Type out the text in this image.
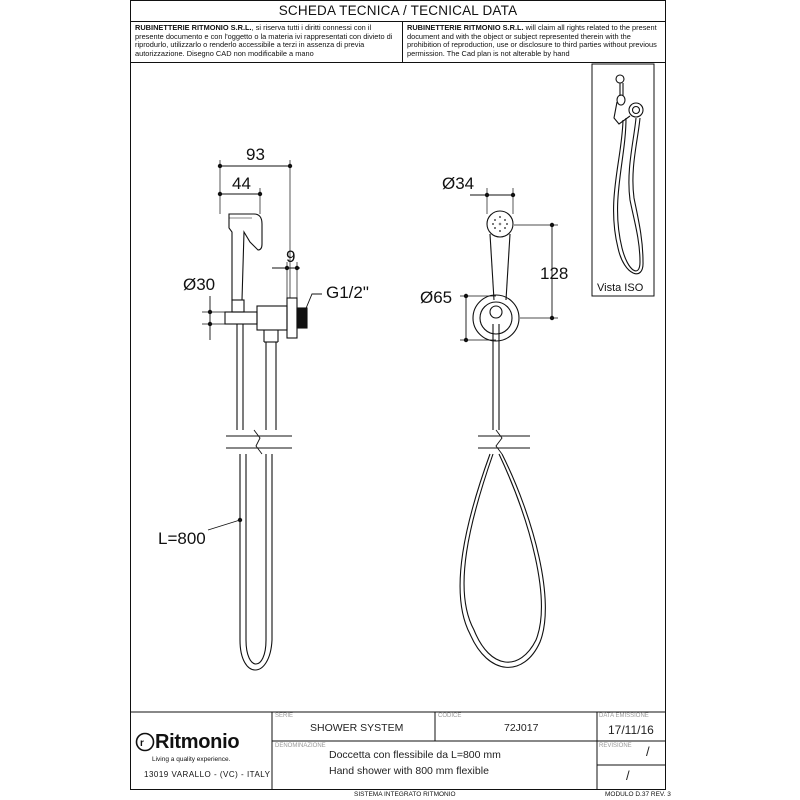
SCHEDA TECNICA / TECNICAL DATA
RUBINETTERIE RITMONIO S.R.L., si riserva tutti i diritti connessi con il presente documento e con l'oggetto o la materia ivi rappresentati con divieto di riprodurlo, utilizzarlo o renderlo accessibile a terzi in assenza di previa autorizzazione. Disegno CAD non modificabile a mano
RUBINETTERIE RITMONIO S.R.L. will claim all rights related to the present document and with the object or subject represented therein with the prohibition of reproduction, use or disclosure to third parties without previous permission. The Cad plan is not alterable by hand
93
44
9
Ø30	G1/2"
L=800
Ø34
128
Ø65	Vista ISO
r Ritmonio
Living a quality experience.
13019 VARALLO - (VC) - ITALY
SERIE
SHOWER SYSTEM
CODICE
72J017
DATA EMISSIONE
17/11/16
DENOMINAZIONE
Doccetta con flessibile da L=800 mm
Hand shower with 800 mm flexible
REVISIONE /
/
SISTEMA INTEGRATO RITMONIO	MODULO D.37 REV. 3
